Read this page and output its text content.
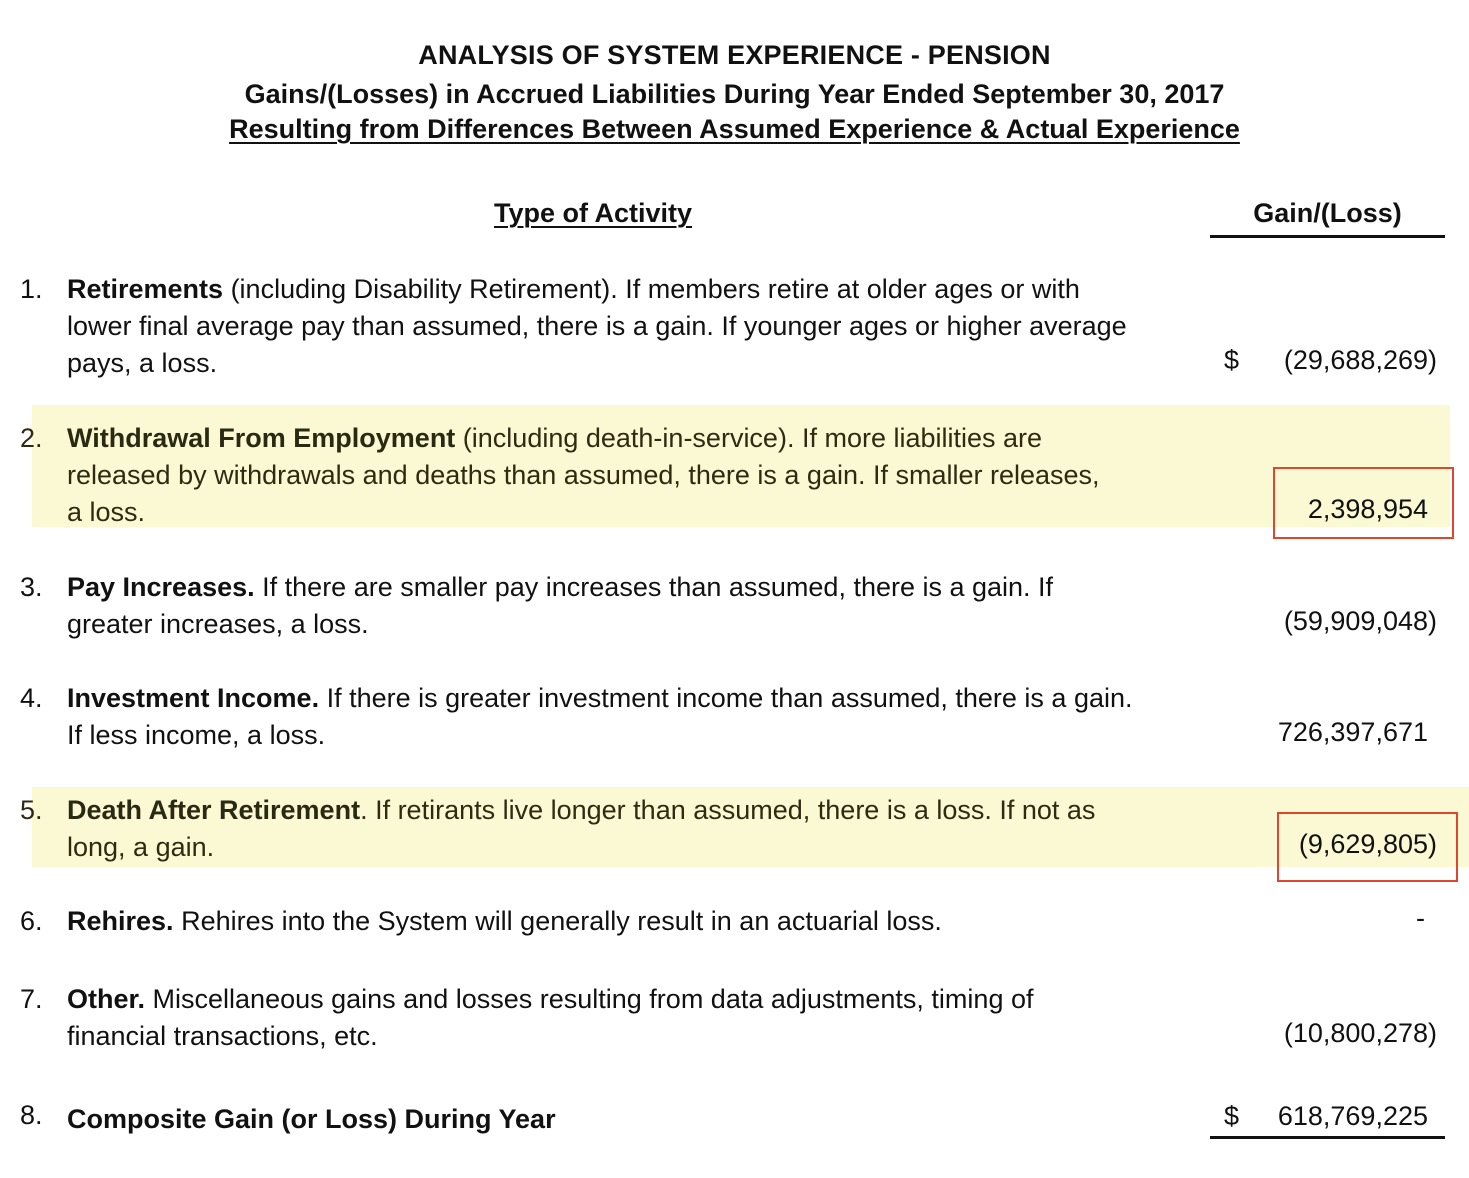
ANALYSIS OF SYSTEM EXPERIENCE - PENSION
Gains/(Losses) in Accrued Liabilities During Year Ended September 30, 2017
Resulting from Differences Between Assumed Experience & Actual Experience
Type of Activity	Gain/(Loss)
1. Retirements (including Disability Retirement). If members retire at older ages or with
lower final average pay than assumed, there is a gain. If younger ages or higher average
pays, a loss.	$ (29,688,269)
2. Withdrawal From Employment (including death-in-service). If more liabilities are
released by withdrawals and deaths than assumed, there is a gain. If smaller releases,
a loss.	2,398,954
3. Pay Increases. If there are smaller pay increases than assumed, there is a gain. If
greater increases, a loss.	(59,909,048)
4. Investment Income. If there is greater investment income than assumed, there is a gain.
If less income, a loss.	726,397,671
5. Death After Retirement. If retirants live longer than assumed, there is a loss. If not as
long, a gain.	(9,629,805)
6. Rehires. Rehires into the System will generally result in an actuarial loss.	-
7. Other. Miscellaneous gains and losses resulting from data adjustments, timing of
financial transactions, etc.	(10,800,278)
8. Composite Gain (or Loss) During Year	$ 618,769,225
